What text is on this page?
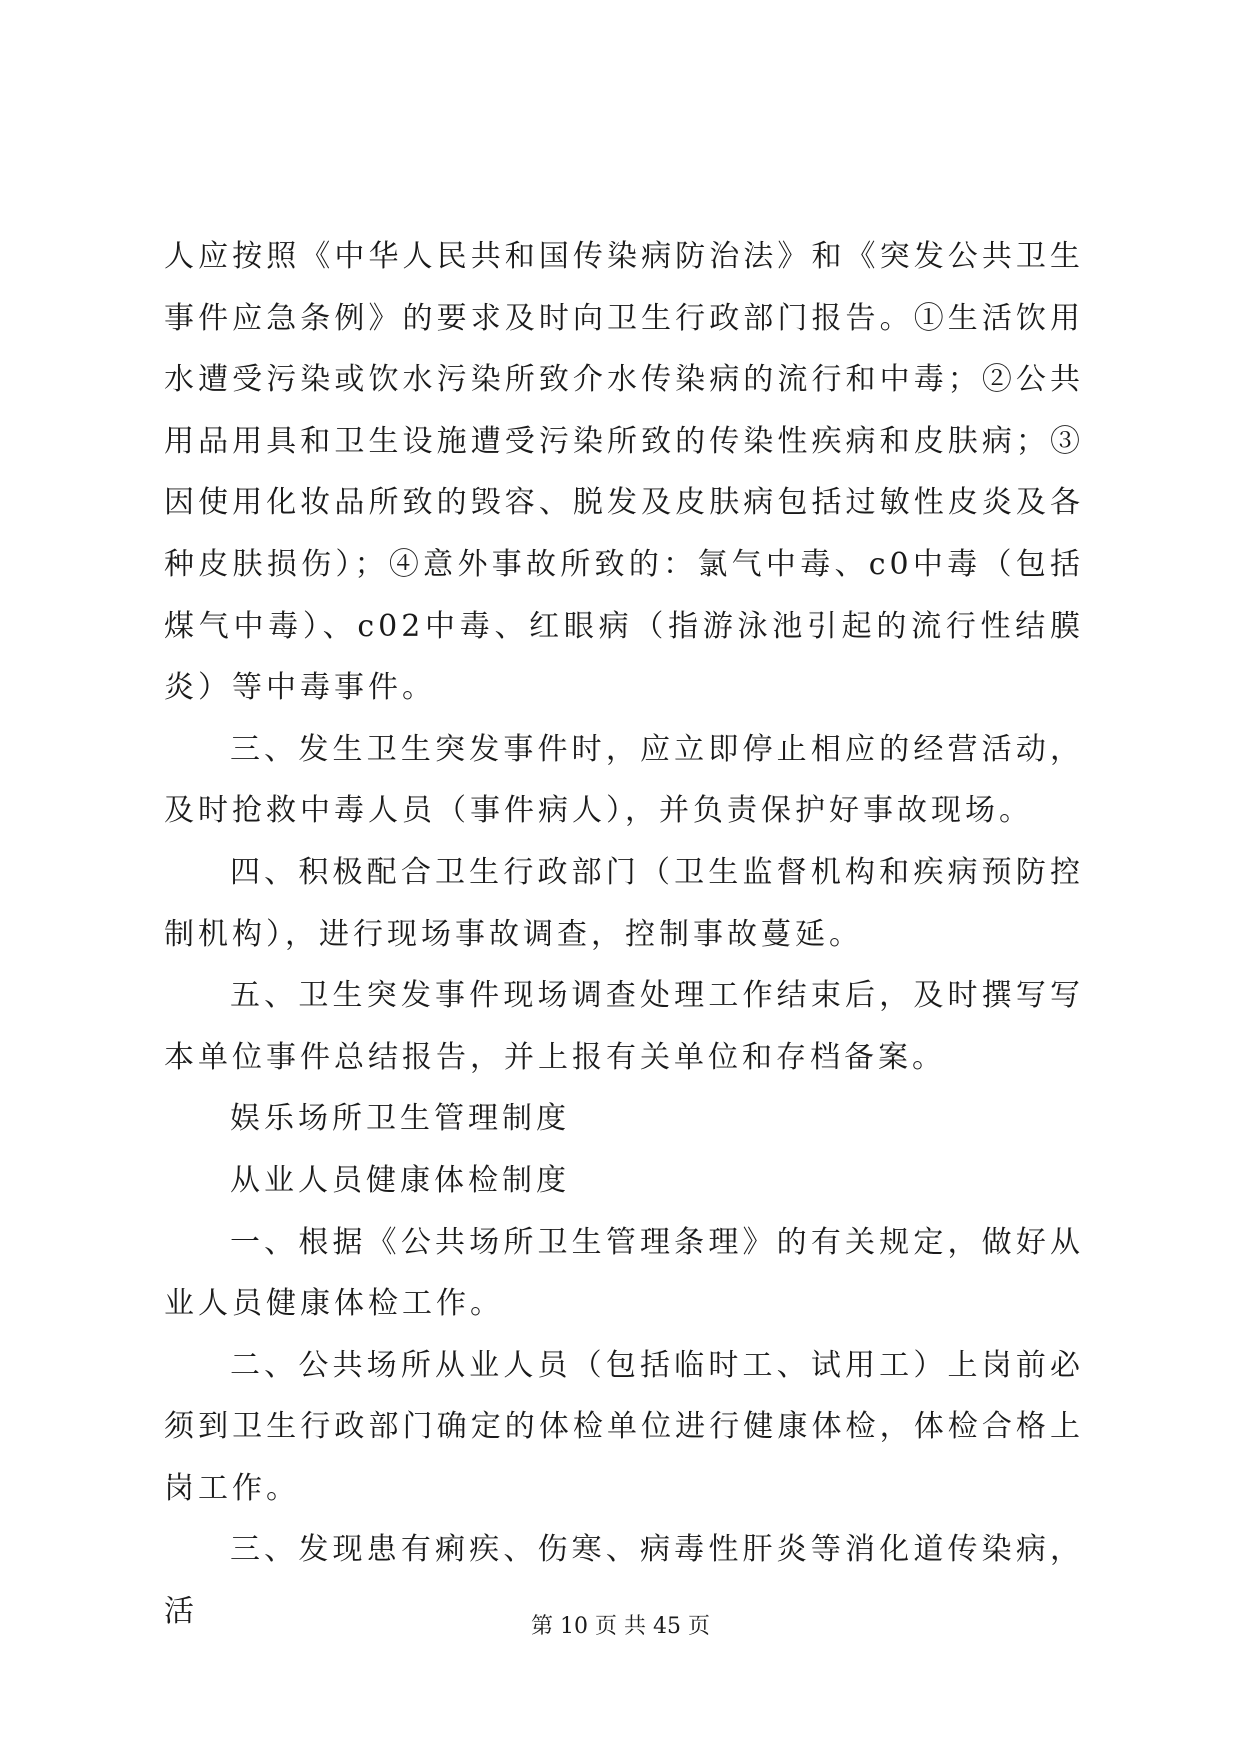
人应按照《中华人民共和国传染病防治法》和《突发公共卫生事件应急条例》的要求及时向卫生行政部门报告。①生活饮用水遭受污染或饮水污染所致介水传染病的流行和中毒；②公共用品用具和卫生设施遭受污染所致的传染性疾病和皮肤病；③因使用化妆品所致的毁容、脱发及皮肤病包括过敏性皮炎及各种皮肤损伤）；④意外事故所致的：氯气中毒、c0中毒（包括煤气中毒）、c02中毒、红眼病（指游泳池引起的流行性结膜炎）等中毒事件。

三、发生卫生突发事件时，应立即停止相应的经营活动，及时抢救中毒人员（事件病人），并负责保护好事故现场。

四、积极配合卫生行政部门（卫生监督机构和疾病预防控制机构），进行现场事故调查，控制事故蔓延。

五、卫生突发事件现场调查处理工作结束后，及时撰写写本单位事件总结报告，并上报有关单位和存档备案。

娱乐场所卫生管理制度

从业人员健康体检制度

一、根据《公共场所卫生管理条理》的有关规定，做好从业人员健康体检工作。

二、公共场所从业人员（包括临时工、试用工）上岗前必须到卫生行政部门确定的体检单位进行健康体检，体检合格上岗工作。

三、发现患有痢疾、伤寒、病毒性肝炎等消化道传染病，活	第 10 页 共 45 页
